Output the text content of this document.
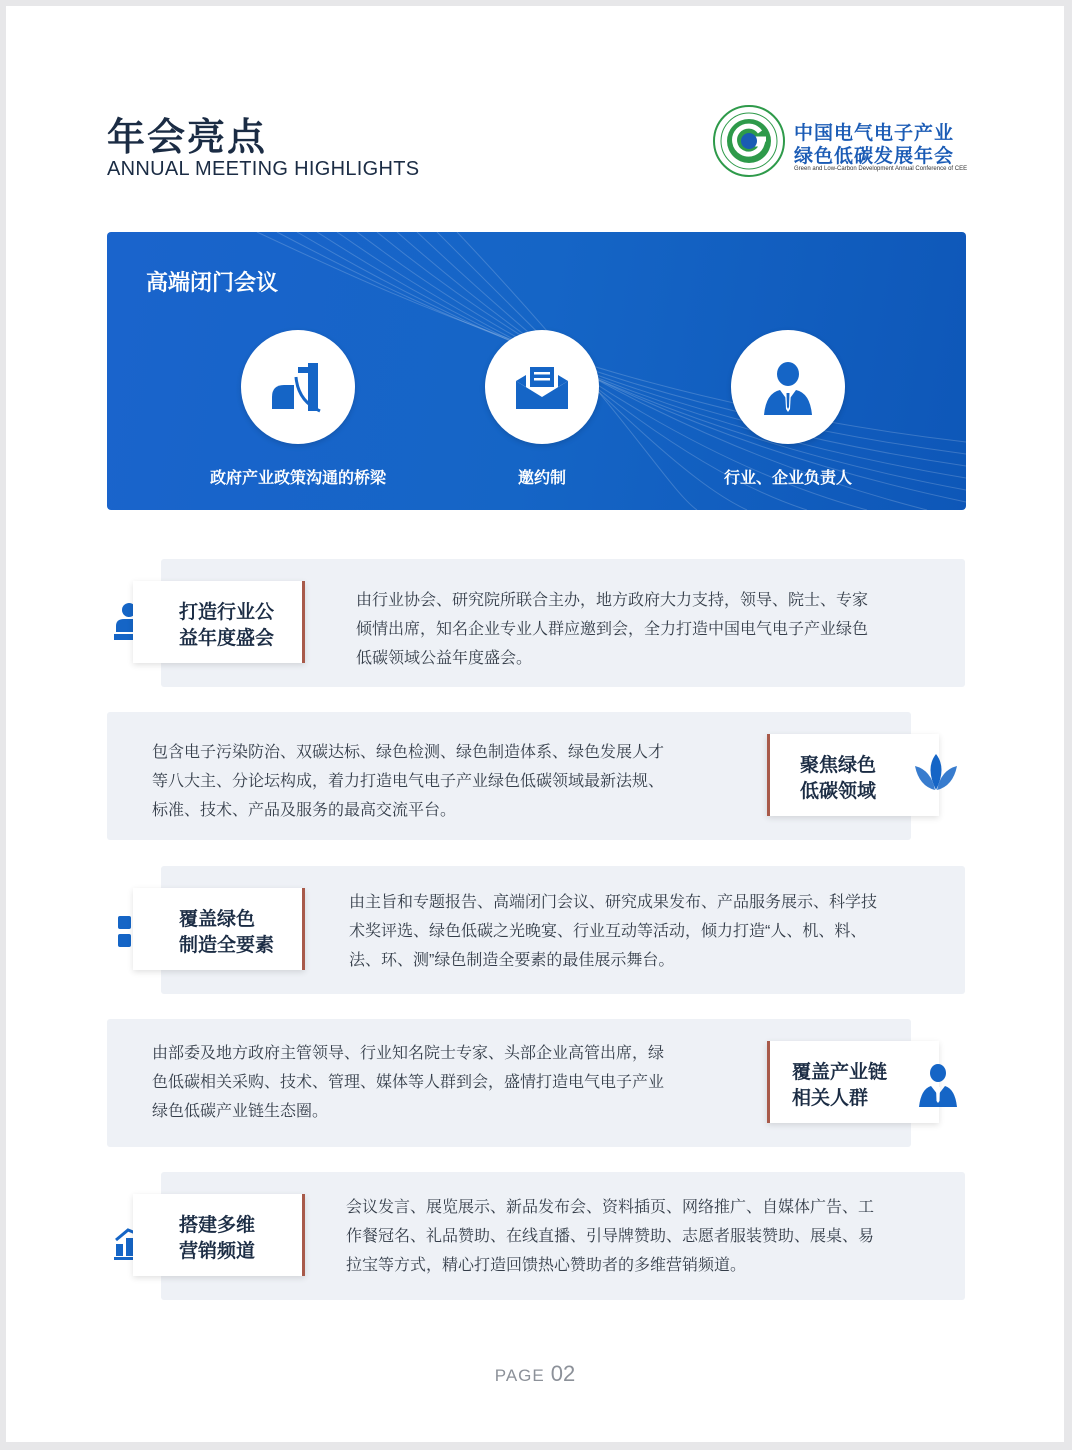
年会亮点
ANNUAL MEETING HIGHLIGHTS
中国电气电子产业
绿色低碳发展年会
Green and Low-Carbon Development Annual Conference of CEE
高端闭门会议
政府产业政策沟通的桥梁	邀约制	行业、企业负责人
打造行业公
益年度盛会
由行业协会、研究院所联合主办，地方政府大力支持，领导、院士、专家
倾情出席，知名企业专业人群应邀到会，全力打造中国电气电子产业绿色
低碳领域公益年度盛会。
包含电子污染防治、双碳达标、绿色检测、绿色制造体系、绿色发展人才
等八大主、分论坛构成，着力打造电气电子产业绿色低碳领域最新法规、
标准、技术、产品及服务的最高交流平台。
聚焦绿色
低碳领域
覆盖绿色
制造全要素
由主旨和专题报告、高端闭门会议、研究成果发布、产品服务展示、科学技
术奖评选、绿色低碳之光晚宴、行业互动等活动，倾力打造“人、机、料、
法、环、测”绿色制造全要素的最佳展示舞台。
由部委及地方政府主管领导、行业知名院士专家、头部企业高管出席，绿
色低碳相关采购、技术、管理、媒体等人群到会，盛情打造电气电子产业
绿色低碳产业链生态圈。
覆盖产业链
相关人群
搭建多维
营销频道
会议发言、展览展示、新品发布会、资料插页、网络推广、自媒体广告、工
作餐冠名、礼品赞助、在线直播、引导牌赞助、志愿者服装赞助、展桌、易
拉宝等方式，精心打造回馈热心赞助者的多维营销频道。
PAGE 02
